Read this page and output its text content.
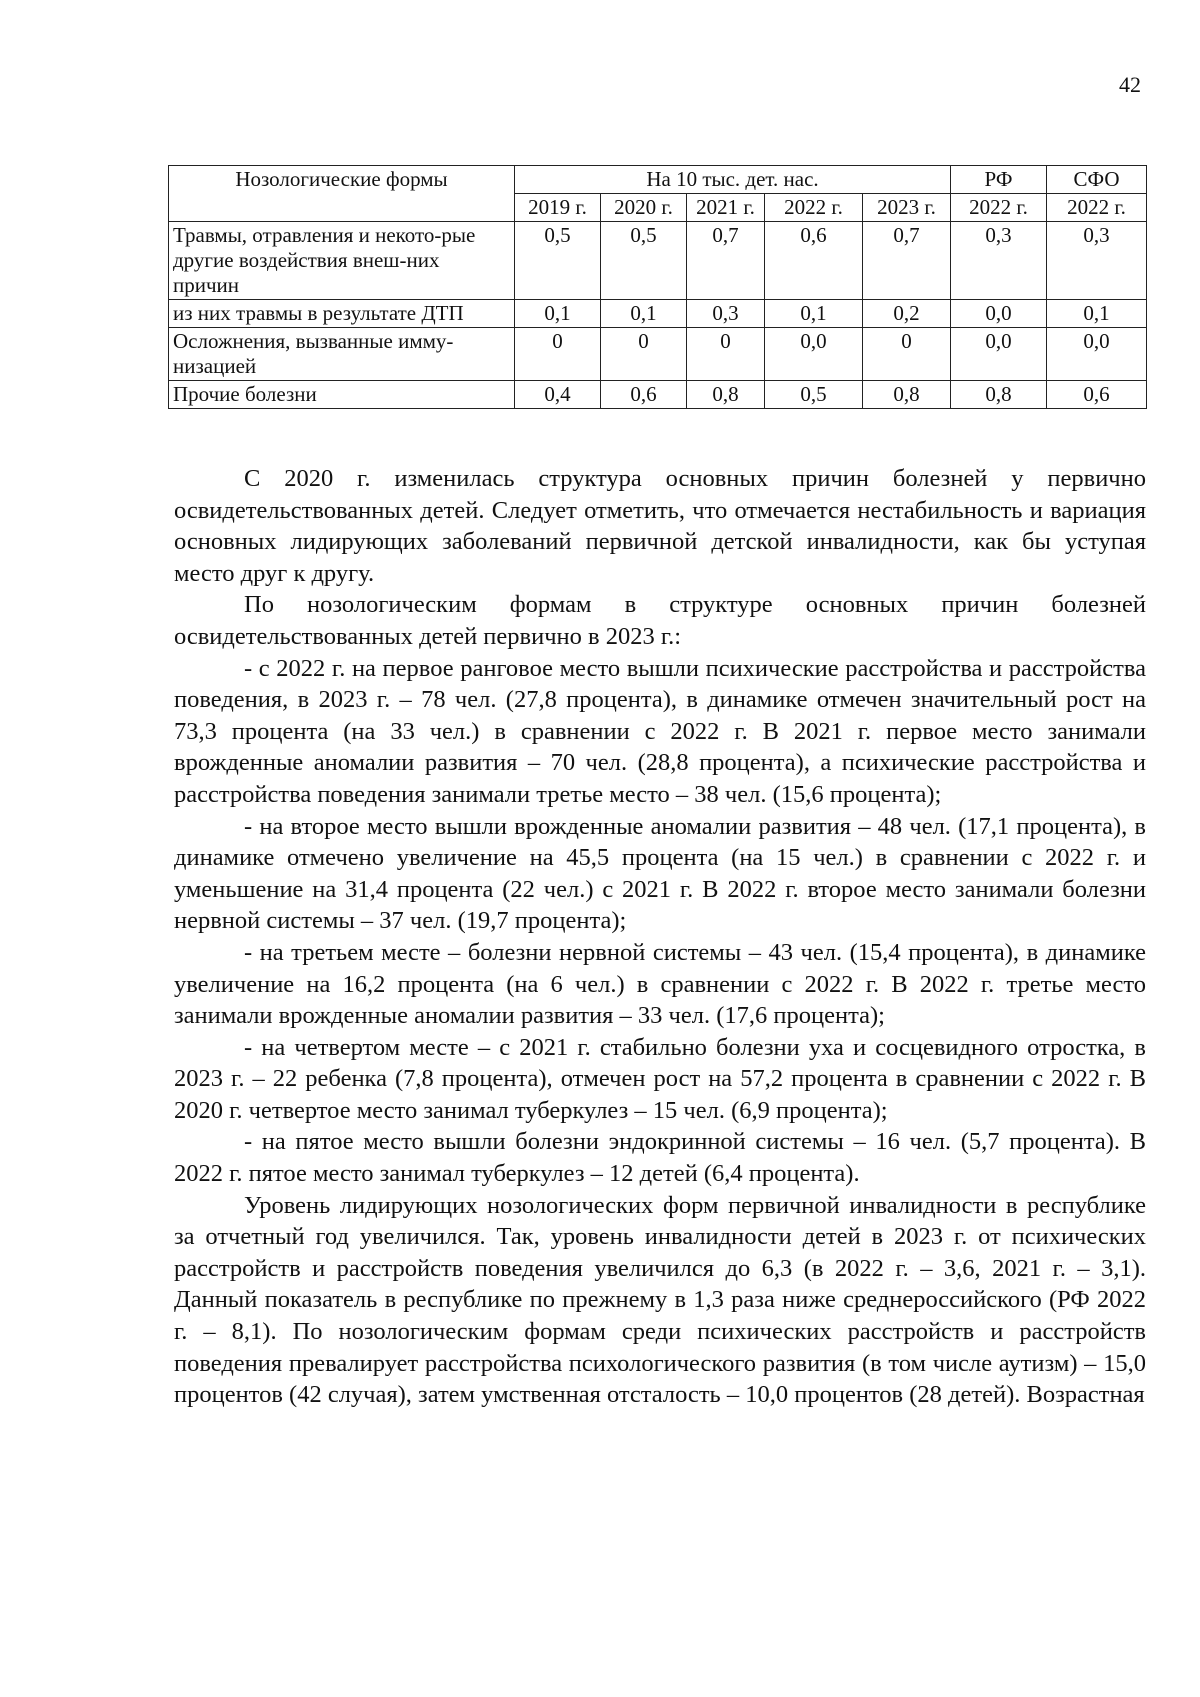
42
Нозологические формы	На 10 тыс. дет. нас.					РФ	СФО
	2019 г.	2020 г.	2021 г.	2022 г.	2023 г.	2022 г.	2022 г.
Травмы, отравления и некото-рые другие воздействия внеш-них причин	0,5	0,5	0,7	0,6	0,7	0,3	0,3
из них травмы в результате ДТП	0,1	0,1	0,3	0,1	0,2	0,0	0,1
Осложнения, вызванные имму-низацией	0	0	0	0,0	0	0,0	0,0
Прочие болезни	0,4	0,6	0,8	0,5	0,8	0,8	0,6

С 2020 г. изменилась структура основных причин болезней у первично освидетельствованных детей. Следует отметить, что отмечается нестабильность и вариация основных лидирующих заболеваний первичной детской инвалидности, как бы уступая место друг к другу.

По нозологическим формам в структуре основных причин болезней освидетельствованных детей первично в 2023 г.:

- с 2022 г. на первое ранговое место вышли психические расстройства и расстройства поведения, в 2023 г. – 78 чел. (27,8 процента), в динамике отмечен значительный рост на 73,3 процента (на 33 чел.) в сравнении с 2022 г. В 2021 г. первое место занимали врожденные аномалии развития – 70 чел. (28,8 процента), а психические расстройства и расстройства поведения занимали третье место – 38 чел. (15,6 процента);

- на второе место вышли врожденные аномалии развития – 48 чел. (17,1 процента), в динамике отмечено увеличение на 45,5 процента (на 15 чел.) в сравнении с 2022 г. и уменьшение на 31,4 процента (22 чел.) с 2021 г. В 2022 г. второе место занимали болезни нервной системы – 37 чел. (19,7 процента);

- на третьем месте – болезни нервной системы – 43 чел. (15,4 процента), в динамике увеличение на 16,2 процента (на 6 чел.) в сравнении с 2022 г. В 2022 г. третье место занимали врожденные аномалии развития – 33 чел. (17,6 процента);

- на четвертом месте – с 2021 г. стабильно болезни уха и сосцевидного отростка, в 2023 г. – 22 ребенка (7,8 процента), отмечен рост на 57,2 процента в сравнении с 2022 г. В 2020 г. четвертое место занимал туберкулез – 15 чел. (6,9 процента);

- на пятое место вышли болезни эндокринной системы – 16 чел. (5,7 процента). В 2022 г. пятое место занимал туберкулез – 12 детей (6,4 процента).

Уровень лидирующих нозологических форм первичной инвалидности в республике за отчетный год увеличился. Так, уровень инвалидности детей в 2023 г. от психических расстройств и расстройств поведения увеличился до 6,3 (в 2022 г. – 3,6, 2021 г. – 3,1). Данный показатель в республике по прежнему в 1,3 раза ниже среднероссийского (РФ 2022 г. – 8,1). По нозологическим формам среди психических расстройств и расстройств поведения превалирует расстройства психологического развития (в том числе аутизм) – 15,0 процентов (42 случая), затем умственная отсталость – 10,0 процентов (28 детей). Возрастная
